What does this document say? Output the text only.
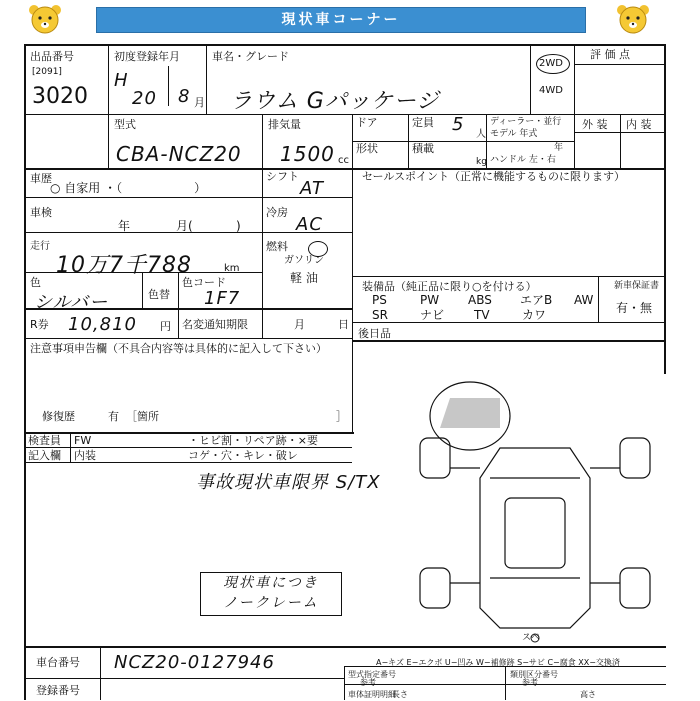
現状車コーナー
出品番号
[2091]
3020
初度登録年月
H
20 8 月
車名・グレード
ラウム Gパッケージ
2WD
4WD
評 価 点
外 装 内 装
型式
CBA-NCZ20
排気量
1500 cc
ドア	定員 5 人
ディーラー・並行
モデル 年式
年
形状	積載
kg ハンドル 左・右
車歴
○ 自家用 ・（　　　　　　）
シフト
AT
セールスポイント（正常に機能するものに限ります）
車検
年	月(	)
冷房
AC
走行
10万7千788	km
燃料
ガソリン
軽 油
色
シルバー	色替
色コード
1F7
装備品（純正品に限り○を付ける）
PS	PW ABS エアB AW
SR	ナビ TV	カワ
新車保証書
有・無
R券 10,810 円 名変通知期限	月	日
後日品
注意事項申告欄（不具合内容等は具体的に記入して下さい）
修復歴	有 ［箇所	］
検査員 FW	・ヒビ割・リペア跡・×要
記入欄 内装	コゲ・穴・キレ・破レ
事故現状車限界 S/TX
現状車につき
ノークレーム
スペ
A−キズ E−エクボ U−凹み W−補修跡 S−サビ C−腐食 XX−交換済
車台番号 NCZ20-0127946
登録番号
型式指定番号
参考
類別区分番号
参考
車体証明明細
長さ	高さ
